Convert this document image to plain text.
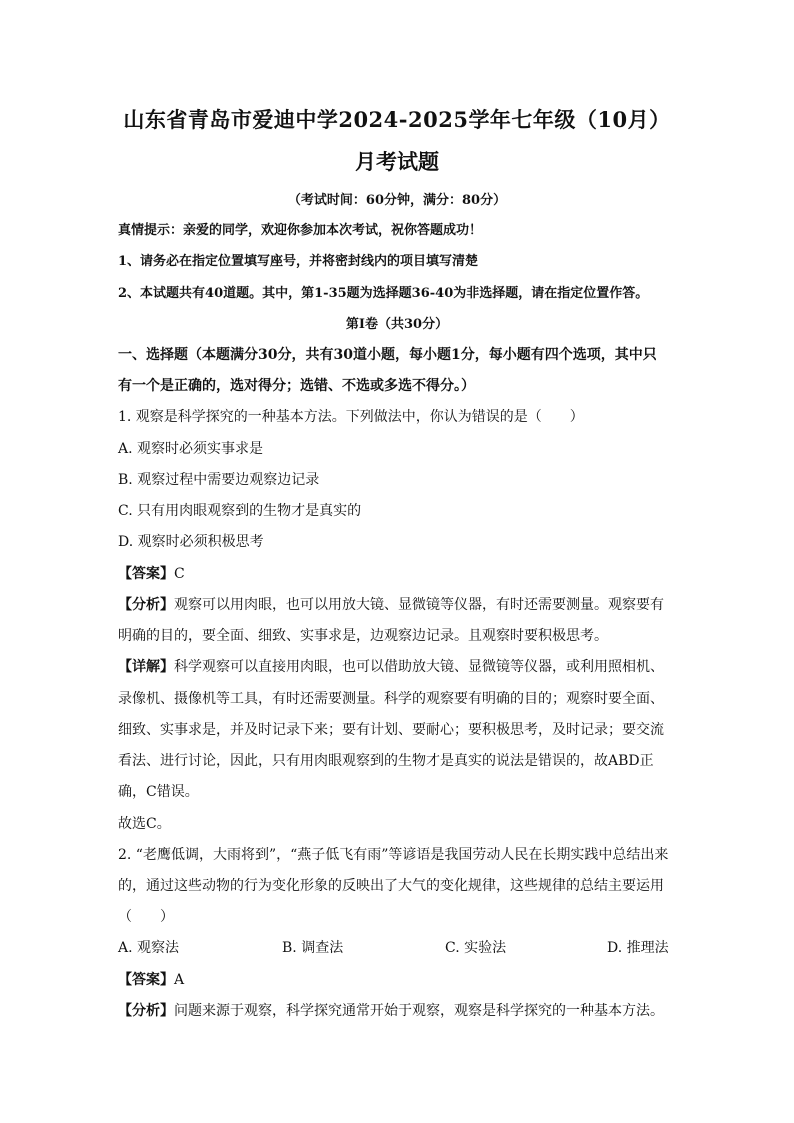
山东省青岛市爱迪中学2024-2025学年七年级（10月）
月考试题
（考试时间：60分钟，满分：80分）
真情提示：亲爱的同学，欢迎你参加本次考试，祝你答题成功！
1、请务必在指定位置填写座号，并将密封线内的项目填写清楚
2、本试题共有40道题。其中，第1-35题为选择题36-40为非选择题，请在指定位置作答。
第Ⅰ卷（共30分）
一、选择题（本题满分30分，共有30道小题，每小题1分，每小题有四个选项，其中只
有一个是正确的，选对得分；选错、不选或多选不得分。）
1. 观察是科学探究的一种基本方法。下列做法中，你认为错误的是（　　）
A. 观察时必须实事求是
B. 观察过程中需要边观察边记录
C. 只有用肉眼观察到的生物才是真实的
D. 观察时必须积极思考
【答案】C
【分析】观察可以用肉眼，也可以用放大镜、显微镜等仪器，有时还需要测量。观察要有
明确的目的，要全面、细致、实事求是，边观察边记录。且观察时要积极思考。
【详解】科学观察可以直接用肉眼，也可以借助放大镜、显微镜等仪器，或利用照相机、
录像机、摄像机等工具，有时还需要测量。科学的观察要有明确的目的；观察时要全面、
细致、实事求是，并及时记录下来；要有计划、要耐心；要积极思考，及时记录；要交流
看法、进行讨论，因此，只有用肉眼观察到的生物才是真实的说法是错误的，故ABD正
确，C错误。
故选C。
2. “老鹰低调，大雨将到”，“燕子低飞有雨”等谚语是我国劳动人民在长期实践中总结出来
的，通过这些动物的行为变化形象的反映出了大气的变化规律，这些规律的总结主要运用
（　　）
A. 观察法	B. 调查法	C. 实验法	D. 推理法
【答案】A
【分析】问题来源于观察，科学探究通常开始于观察，观察是科学探究的一种基本方法。
